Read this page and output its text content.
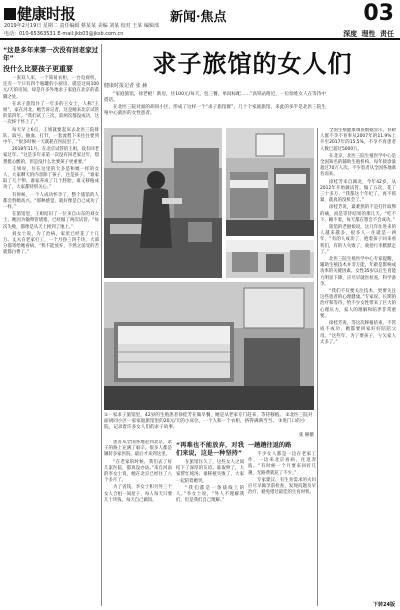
健康时报	新闻·焦点	03
2019年2月19日 星期二 责任编辑 蔡某某 美编 刘某 校对 王某 编辑部
电话：010-65363531 E-mail:jkb03@jksb.com.cn	深度 理性 责任
“这是多年来第一次没有回老家过年”
没什么比要孩子更重要

一张双人床，一个简易衣柜，一台电视机，还有一个只有四个瓶罐的小厨房，就是这间100元/天的房间，却是许多外地求子家庭在北京的落脚之处。

在求子旅馆住了一年多的王女士，人称“王姐”，家在河北。她告诉记者，这是她来北京试管的第四年。“我们试了三次，前两次都没成功，这一次终于怀上了。”

每天早上6点，王姐就要起床去北医三院排队，取号、抽血、打针，一套流程下来往往要到中午。“很多时候一天就耗在医院里了。”

2018年11月，在北京试管的王姐，没有回老家过年。“这是多年来第一次没有回老家过年，想想挺心酸的，但是没什么比要孩子更重要。”

王姐说，住在这里的大多是和她一样的女人，大家聊天的内容除了孩子，还是孩子。“谁家取了几个卵，谁家养成了几个胚胎，谁又移植成功了，大家都特别关心。”

有时候，一个人成功怀孕了，整个旅馆的人都会替她高兴。“那种感觉，就好像是自己成功了一样。”

在旅馆里，王姐结识了一位来自山东的刘女士。她因为输卵管堵塞，已经做了两次试管。“每次失败，都像是从天上掉到了地上。”

刘女士说，为了治病，家里已经花了十几万。丈夫在老家打工，一个月挣三四千块，大部分都寄给她看病。“我不能放弃，不然之前受的苦就都白费了。”

求子旅馆的女人们
健康时报记者 张 赫

“家庭旅馆，徐老板！新房，住100元/每天，包三餐，单间标配……”高铁站附近，一位徐姓女人在等待中搭话。

在北医三院对面的胡同小区，形成了这样一个“求子旅馆群”，几十个家庭旅馆，来此的多半是北医三院生殖中心就医的女性患者。

①一家求子旅馆里，42岁的生殖患者徐桂芳在做早餐，她是从老家专门赶来，等待移植。 ②北医三院对面胡同小区一家家庭旅馆里的20元/天的小床位，一个人和一个衣柜，挤得满满当当。 ③进门口的小院，记录着许多女人们的求子故事。
张 赫摄

全国生殖健康调查数据显示，育龄人群不孕不育率从2007年的11.9%上升至2017年的15.5%，不孕不育患者人数已超过5000万。

在北京，北医三院生殖医学中心是全国知名的辅助生殖机构，每年接诊量超过70万人次。不少患者从全国各地慕名而来。

徐桂芳来自湖北，今年42岁，从2012年开始做试管，做了五次，花了三十多万，“我都这个年纪了，再不抓紧，就真的没机会了。”

徐桂芳说，最难熬的不是打针取卵的痛，而是等待结果的那几天，“吃不下、睡不着，每天都在想会不会成功。”

旅馆的老板娘说，这几年住进来的人越来越多，很多人一住就是一两年，“有的人成功了，抱着孩子回来看我们，有的人失败了，收拾行李默默走了。”

北医三院生殖医学中心专家提醒，辅助生殖技术并非万能，年龄是影响成功率的关键因素。女性35岁以后生育能力明显下降，应尽早就医检查，科学备孕。

“我们不仅要关注技术，更要关注这些患者的心理健康。”专家说，长期的治疗和等待，给不少女性带来了巨大的心理压力，家人的理解和陪伴非常重要。

徐桂芳说，等这次移植结束，不管成不成功，她都要回家好好陪陪父母。“这些年，为了要孩子，亏欠家人太多了。”

患者从全国各地赶到北京，求子的路上充满了艰辛。很多人都是辗转多家医院，最后才来到这里。

“在老家的时候，我们去了好几家医院，都说没办法。”来自河南的李女士说，她在北京已经住了八个多月了。

为了省钱，李女士和另外三个女人合租一间屋子，每人每天只要几十块钱，每天自己做饭。

“再难也不能放弃，对我们来说，这是一种坚持”

在旅馆住久了，这些女人之间结下了深厚的友谊。谁取卵了，大家帮忙炖汤；谁移植失败了，大家一起陪着她哭。

“我们都是一条战线上的人。”李女士说，“外人不理解我们，但是我们自己理解。”

一趟趟往返的路

不少女人都是一边在老家工作，一边来北京看病，往返奔波。“有时候一个月要来回好几趟，光路费就花了不少。”

专家建议，有生育需求的夫妇应尽早做孕前检查，发现问题及早治疗，避免错过最佳的生育时机。

下转24版
